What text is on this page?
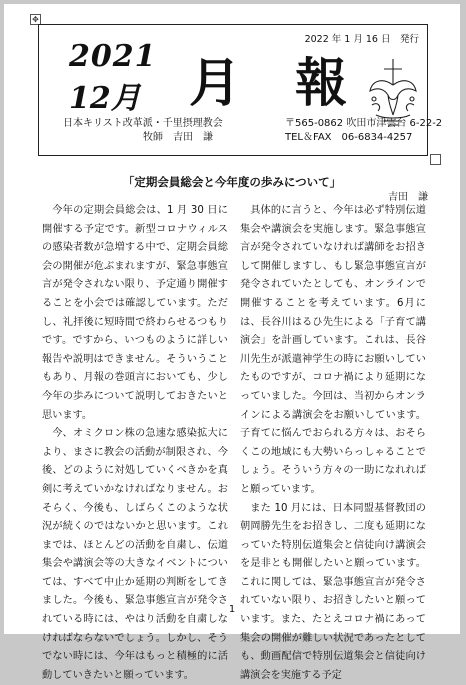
✥
2022 年 1 月 16 日　発行
2021
12月 月 報
日本キリスト改革派・千里摂理教会
牧師　吉田　謙
〒565-0862 吹田市津雲台 6-22-2
TEL＆FAX　06-6834-4257
「定期会員総会と今年度の歩みについて」
吉田　謙

今年の定期会員総会は、1 月 30 日に開催する予定です。新型コロナウィルスの感染者数が急増する中で、定期会員総会の開催が危ぶまれますが、緊急事態宣言が発令されない限り、予定通り開催することを小会では確認しています。ただし、礼拝後に短時間で終わらせるつもりです。ですから、いつものように詳しい報告や説明はできません。そういうこともあり、月報の巻頭言においても、少し今年の歩みについて説明しておきたいと思います。

今、オミクロン株の急速な感染拡大により、まさに教会の活動が制限され、今後、どのように対処していくべきかを真剣に考えていかなければなりません。おそらく、今後も、しばらくこのような状況が続くのではないかと思います。これまでは、ほとんどの活動を自粛し、伝道集会や講演会等の大きなイベントについては、すべて中止か延期の判断をしてきました。今後も、緊急事態宣言が発令されている時には、やはり活動を自粛しなければならないでしょう。しかし、そうでない時には、今年はもっと積極的に活動していきたいと願っています。

具体的に言うと、今年は必ず特別伝道集会や講演会を実施します。緊急事態宣言が発令されていなければ講師をお招きして開催しますし、もし緊急事態宣言が発令されていたとしても、オンラインで開催することを考えています。6月には、長谷川はるひ先生による「子育て講演会」を計画しています。これは、長谷川先生が派遣神学生の時にお願いしていたものですが、コロナ禍により延期になっていました。今回は、当初からオンラインによる講演会をお願いしています。子育てに悩んでおられる方々は、おそらくこの地域にも大勢いらっしゃることでしょう。そういう方々の一助になれればと願っています。

また 10 月には、日本同盟基督教団の朝岡勝先生をお招きし、二度も延期になっていた特別伝道集会と信徒向け講演会を是非とも開催したいと願っています。これに関しては、緊急事態宣言が発令されていない限り、お招きしたいと願っています。また、たとえコロナ禍にあって集会の開催が難しい状況であったとしても、動画配信で特別伝道集会と信徒向け講演会を実施する予定

1
